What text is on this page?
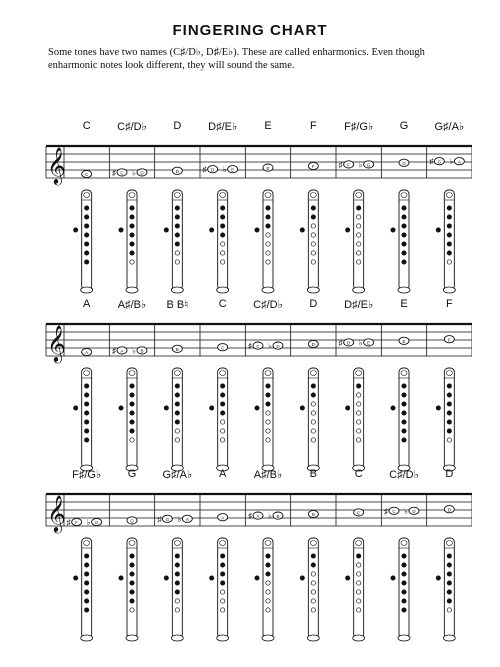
FINGERING CHART
Some tones have two names (C♯/D♭, D♯/E♭). These are called enharmonics. Even though enharmonic notes look different, they will sound the same.
C	C♯/D♭	D	D♯/E♭	E	F	F♯/G♭	G	G♯/A♭
𝄞	C	C
♯	D
♭	D	D
♯	E
♭	E	F	F
♯	G
♭	G	G
♯	A
♭
A	A♯/B♭	B B♮	C	C♯/D♭	D	D♯/E♭	E	F
𝄞	A	A
♯	B
♭	B	C	C
♯	D
♭	D	D
♯	E
♭	E	F
F♯/G♭	G	G♯/A♭	A	A♯/B♭	B	C	C♯/D♭	D
𝄞 F
♯	G
♭	G	G
♯	A
♭	A	A
♯	B
♭	B	C	C
♯	D
♭	D
